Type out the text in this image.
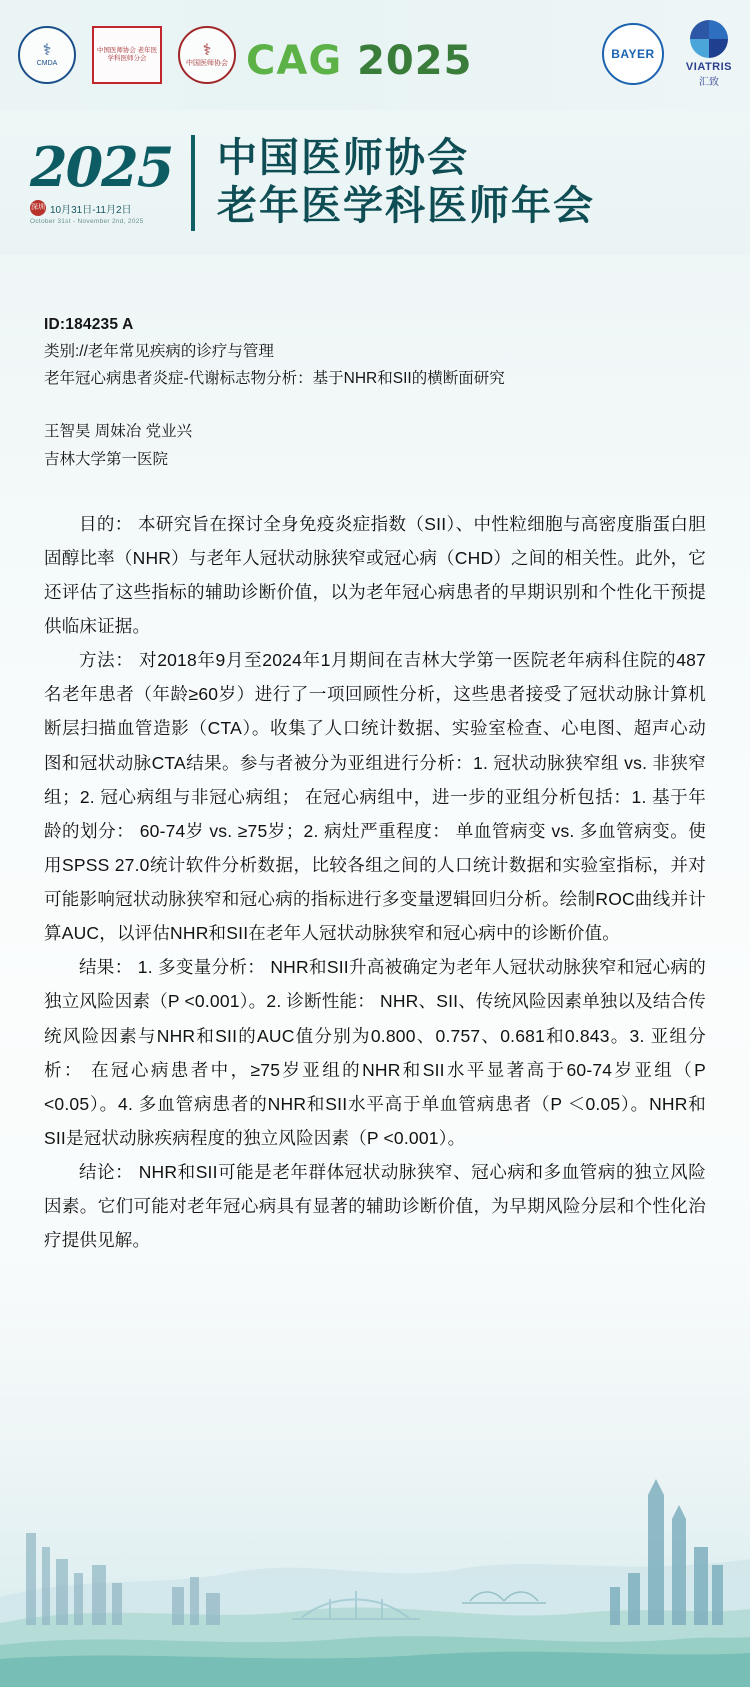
⚕
CMDA
中国医师协会 老年医学科医师分会	⚕
中国医师协会 CAG 2025	BAYER
VIATRIS
汇致
2025
深圳 10月31日-11月2日
October 31st - November 2nd, 2025
中国医师协会
老年医学科医师年会
ID:184235 A
类别://老年常见疾病的诊疗与管理
老年冠心病患者炎症-代谢标志物分析：基于NHR和SII的横断面研究
王智昊 周妹冶 党业兴
吉林大学第一医院

目的： 本研究旨在探讨全身免疫炎症指数（SII）、中性粒细胞与高密度脂蛋白胆固醇比率（NHR）与老年人冠状动脉狭窄或冠心病（CHD）之间的相关性。此外，它还评估了这些指标的辅助诊断价值，以为老年冠心病患者的早期识别和个性化干预提供临床证据。

方法： 对2018年9月至2024年1月期间在吉林大学第一医院老年病科住院的487名老年患者（年龄≥60岁）进行了一项回顾性分析，这些患者接受了冠状动脉计算机断层扫描血管造影（CTA）。收集了人口统计数据、实验室检查、心电图、超声心动图和冠状动脉CTA结果。参与者被分为亚组进行分析：1. 冠状动脉狭窄组 vs. 非狭窄组；2. 冠心病组与非冠心病组； 在冠心病组中，进一步的亚组分析包括：1. 基于年龄的划分： 60-74岁 vs. ≥75岁；2. 病灶严重程度： 单血管病变 vs. 多血管病变。使用SPSS 27.0统计软件分析数据，比较各组之间的人口统计数据和实验室指标，并对可能影响冠状动脉狭窄和冠心病的指标进行多变量逻辑回归分析。绘制ROC曲线并计算AUC，以评估NHR和SII在老年人冠状动脉狭窄和冠心病中的诊断价值。

结果： 1. 多变量分析： NHR和SII升高被确定为老年人冠状动脉狭窄和冠心病的独立风险因素（P <0.001）。2. 诊断性能： NHR、SII、传统风险因素单独以及结合传统风险因素与NHR和SII的AUC值分别为0.800、0.757、0.681和0.843。3. 亚组分析： 在冠心病患者中，≥75岁亚组的NHR和SII水平显著高于60-74岁亚组（P <0.05）。4. 多血管病患者的NHR和SII水平高于单血管病患者（P ＜0.05）。NHR和SII是冠状动脉疾病程度的独立风险因素（P <0.001）。

结论： NHR和SII可能是老年群体冠状动脉狭窄、冠心病和多血管病的独立风险因素。它们可能对老年冠心病具有显著的辅助诊断价值，为早期风险分层和个性化治疗提供见解。
